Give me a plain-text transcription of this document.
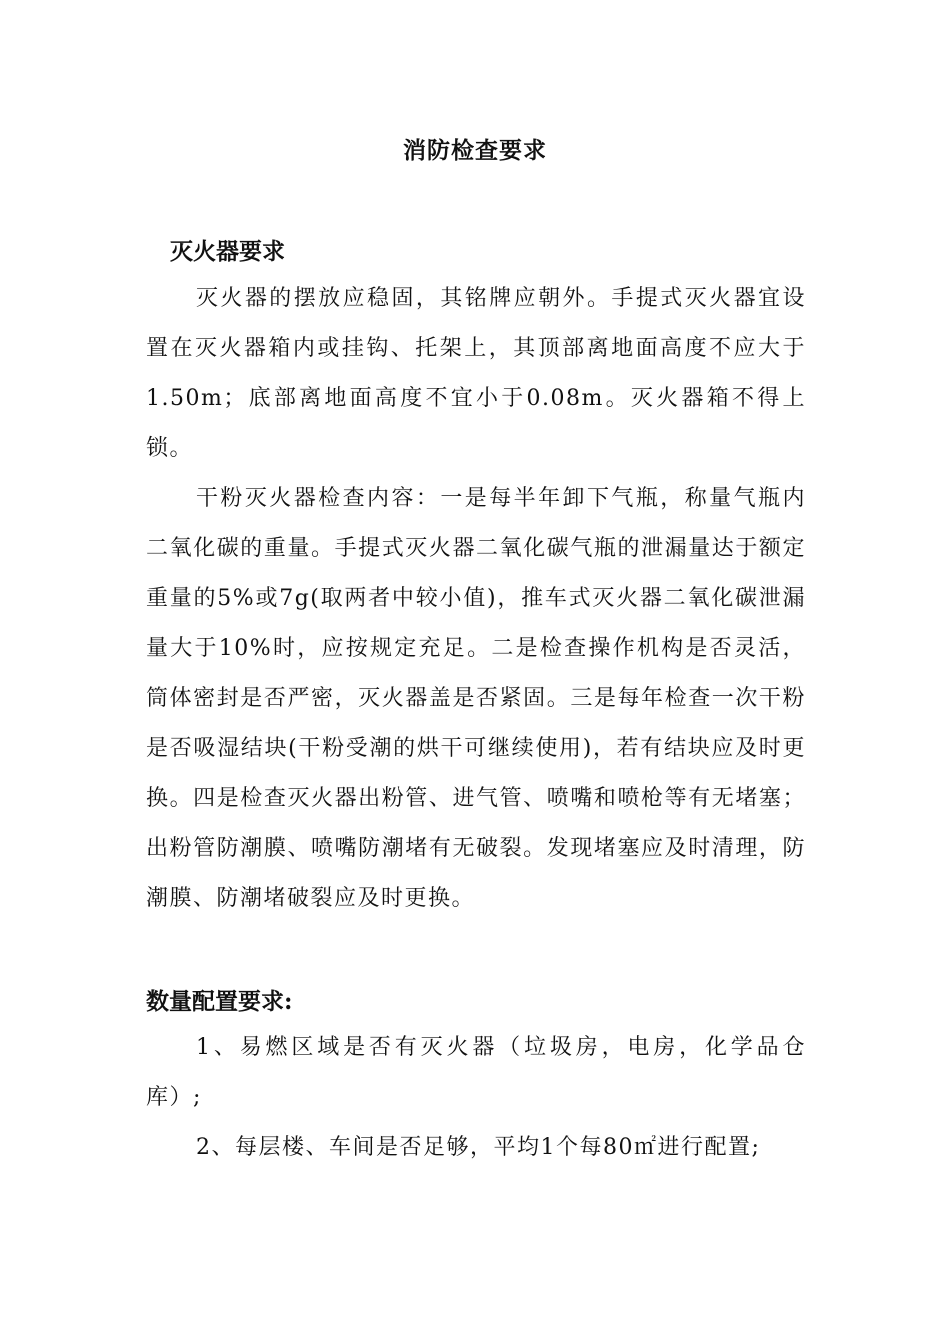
消防检查要求
灭火器要求

灭火器的摆放应稳固，其铭牌应朝外。手提式灭火器宜设置在灭火器箱内或挂钩、托架上，其顶部离地面高度不应大于1.50m；底部离地面高度不宜小于0.08m。灭火器箱不得上锁。

干粉灭火器检查内容：一是每半年卸下气瓶，称量气瓶内二氧化碳的重量。手提式灭火器二氧化碳气瓶的泄漏量达于额定重量的5%或7g(取两者中较小值)，推车式灭火器二氧化碳泄漏量大于10%时，应按规定充足。二是检查操作机构是否灵活，筒体密封是否严密，灭火器盖是否紧固。三是每年检查一次干粉是否吸湿结块(干粉受潮的烘干可继续使用)，若有结块应及时更换。四是检查灭火器出粉管、进气管、喷嘴和喷枪等有无堵塞；出粉管防潮膜、喷嘴防潮堵有无破裂。发现堵塞应及时清理，防潮膜、防潮堵破裂应及时更换。

数量配置要求:

1、易燃区域是否有灭火器（垃圾房，电房，化学品仓库）;

2、每层楼、车间是否足够，平均1个每80㎡进行配置;
